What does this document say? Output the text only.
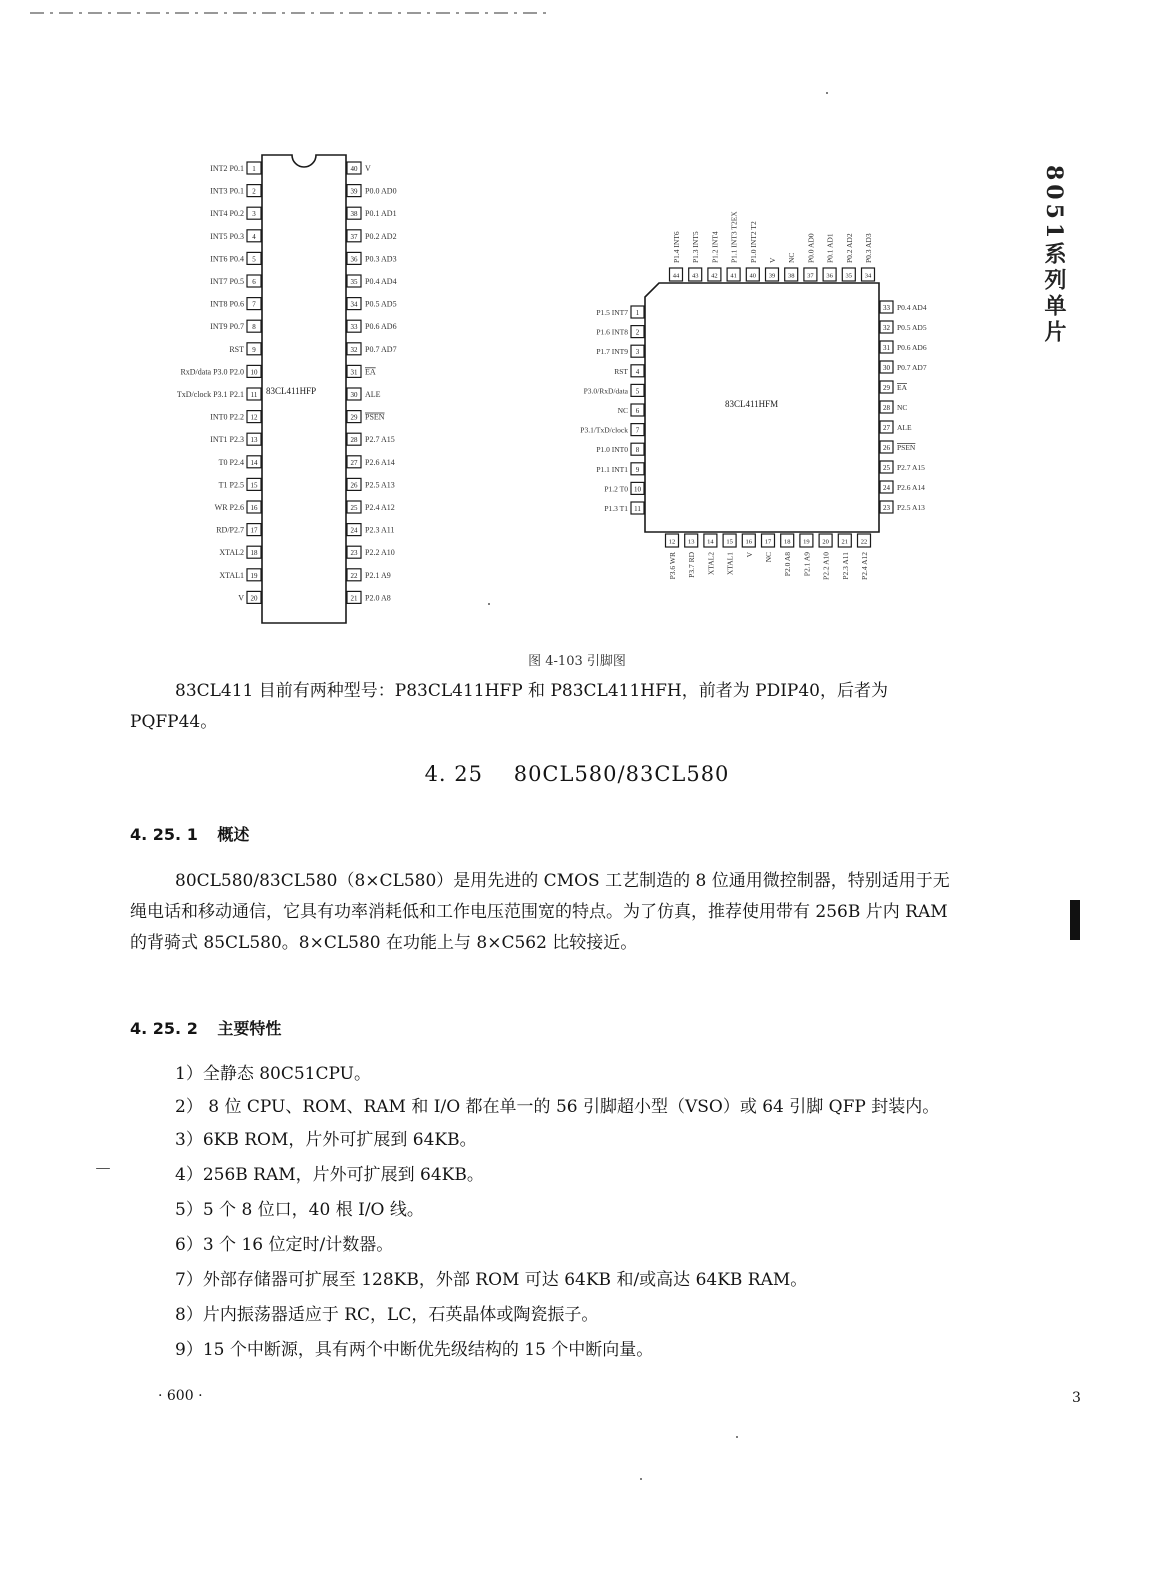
83CL411HFP
1
INT2 P0.1
2
INT3 P0.1
3
INT4 P0.2
4
INT5 P0.3
5
INT6 P0.4
6
INT7 P0.5
7
INT8 P0.6
8
INT9 P0.7
9
RST
10
RxD/data P3.0 P2.0
11
TxD/clock P3.1 P2.1
12
INT0 P2.2
13
INT1 P2.3
14
T0 P2.4
15
T1 P2.5
16
WR P2.6
17
RD/P2.7
18
XTAL2
19
XTAL1
20
V
40 V
39 P0.0 AD0
38 P0.1 AD1
37 P0.2 AD2
36 P0.3 AD3
35 P0.4 AD4
34 P0.5 AD5
33 P0.6 AD6
32 P0.7 AD7
31 EA
30 ALE
29 PSEN
28 P2.7 A15
27 P2.6 A14
26 P2.5 A13
25 P2.4 A12
24 P2.3 A11
23 P2.2 A10
22 P2.1 A9
21 P2.0 A8
83CL411HFM
1
P1.5 INT7
2
P1.6 INT8
3
P1.7 INT9
4
RST
5
P3.0/RxD/data
6
NC
7
P3.1/TxD/clock
8
P1.0 INT0
9
P1.1 INT1
10
P1.2 T0
11
P1.3 T1
33 P0.4 AD4
32 P0.5 AD5
31 P0.6 AD6
30 P0.7 AD7
29 EA
28 NC
27 ALE
26 PSEN
25 P2.7 A15
24 P2.6 A14
23 P2.5 A13
44
P1.4 INT6
43
P1.3 INT5
42
P1.2 INT4
41
P1.1 INT3 T2EX
40
P1.0 INT2 T2
39
V
38
NC
37
P0.0 AD0
36
P0.1 AD1
35
P0.2 AD2
34
P0.3 AD3
12
P3.6 WR
13
P3.7 RD
14
XTAL2
15
XTAL1
16
V
17
NC
18
P2.0 A8
19
P2.1 A9
20
P2.2 A10
21
P2.3 A11
22
P2.4 A12
图 4-103 引脚图

83CL411 目前有两种型号：P83CL411HFP 和 P83CL411HFH，前者为 PDIP40，后者为 PQFP44。

4. 25 80CL580/83CL580
4. 25. 1 概述

80CL580/83CL580（8×CL580）是用先进的 CMOS 工艺制造的 8 位通用微控制器，特别适用于无绳电话和移动通信，它具有功率消耗低和工作电压范围宽的特点。为了仿真，推荐使用带有 256B 片内 RAM 的背骑式 85CL580。8×CL580 在功能上与 8×C562 比较接近。

4. 25. 2 主要特性
1）全静态 80C51CPU。
2） 8 位 CPU、ROM、RAM 和 I/O 都在单一的 56 引脚超小型（VSO）或 64 引脚 QFP 封装内。
3）6KB ROM，片外可扩展到 64KB。
4）256B RAM，片外可扩展到 64KB。
5）5 个 8 位口，40 根 I/O 线。
6）3 个 16 位定时/计数器。
7）外部存储器可扩展至 128KB，外部 ROM 可达 64KB 和/或高达 64KB RAM。
8）片内振荡器适应于 RC，LC，石英晶体或陶瓷振子。
9）15 个中断源，具有两个中断优先级结构的 15 个中断向量。
· 600 ·	3
8051系列单片
